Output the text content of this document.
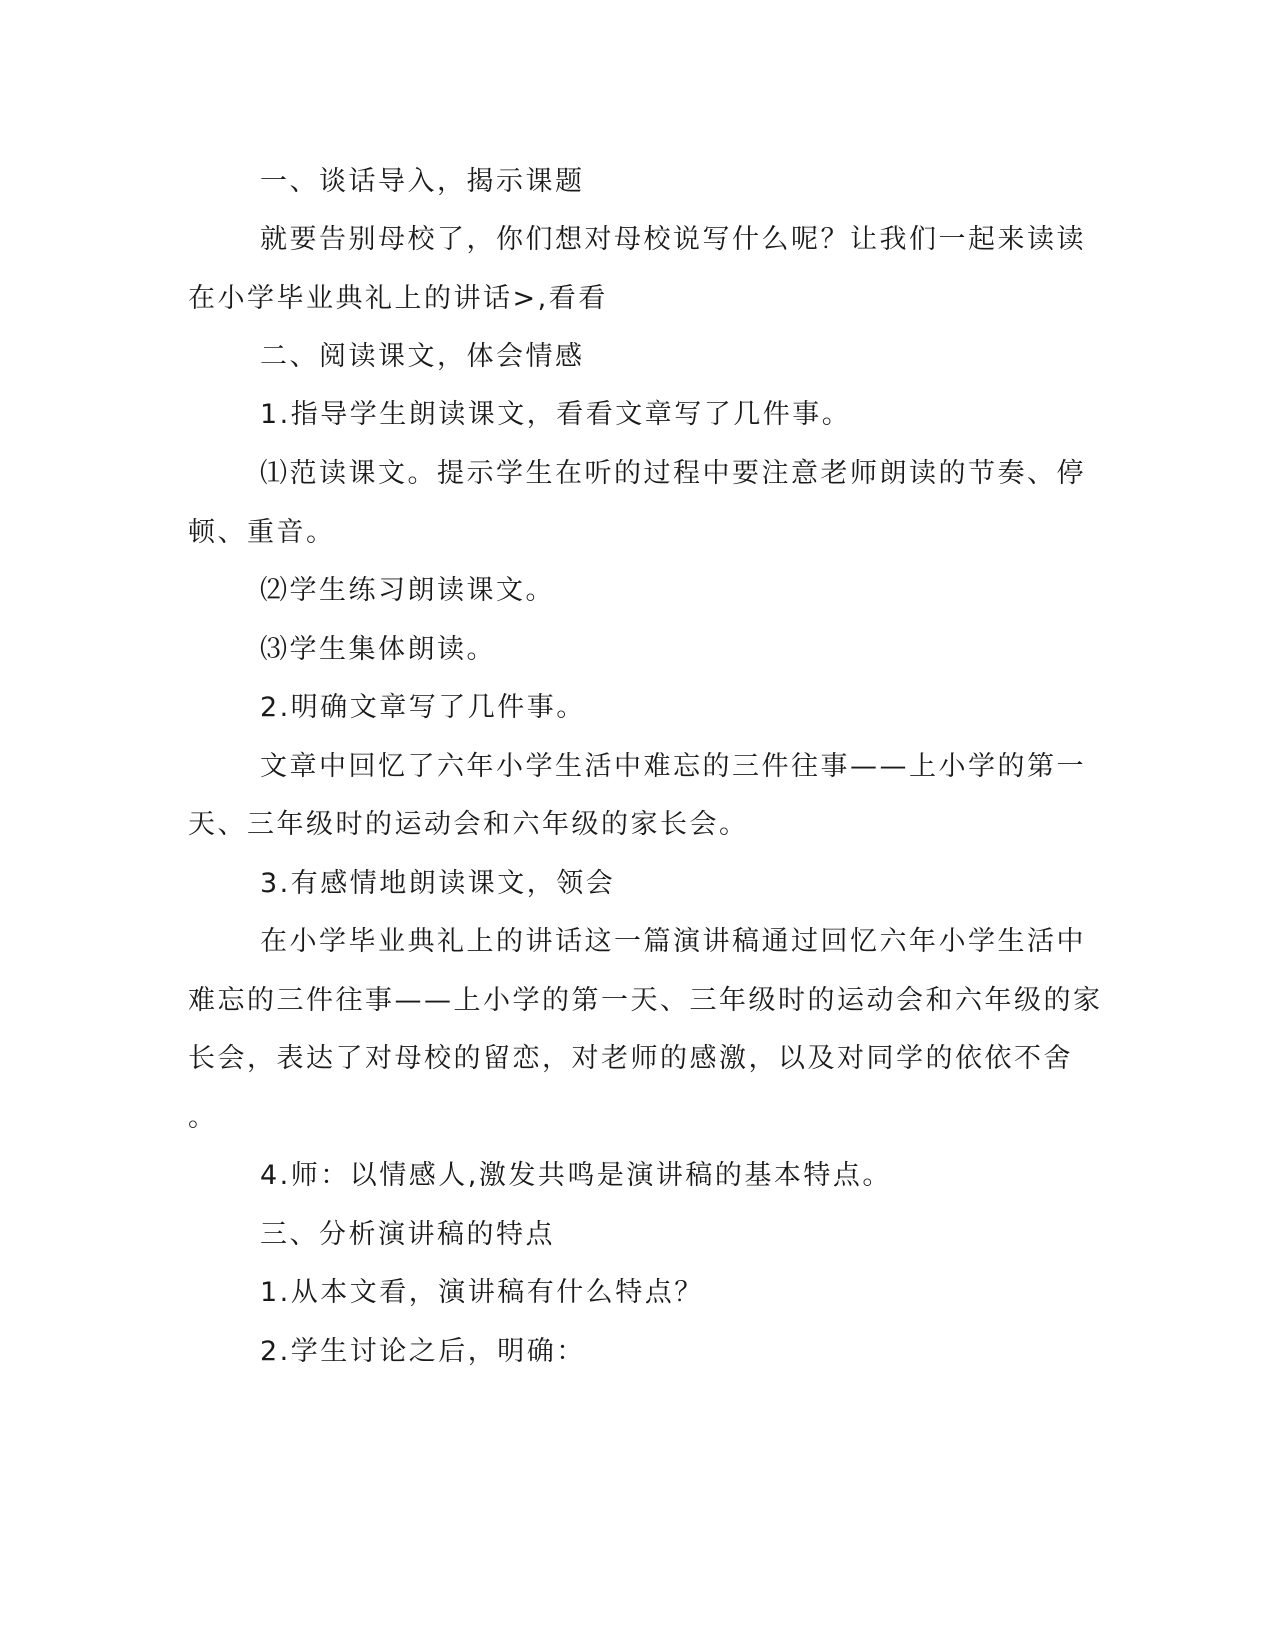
一、谈话导入，揭示课题
就要告别母校了，你们想对母校说写什么呢？让我们一起来读读
在小学毕业典礼上的讲话>,看看
二、阅读课文，体会情感
1.指导学生朗读课文，看看文章写了几件事。
⑴范读课文。提示学生在听的过程中要注意老师朗读的节奏、停
顿、重音。
⑵学生练习朗读课文。
⑶学生集体朗读。
2.明确文章写了几件事。
文章中回忆了六年小学生活中难忘的三件往事——上小学的第一
天、三年级时的运动会和六年级的家长会。
3.有感情地朗读课文，领会
在小学毕业典礼上的讲话这一篇演讲稿通过回忆六年小学生活中
难忘的三件往事——上小学的第一天、三年级时的运动会和六年级的家
长会，表达了对母校的留恋，对老师的感激，以及对同学的依依不舍
。
4.师：以情感人,激发共鸣是演讲稿的基本特点。
三、分析演讲稿的特点
1.从本文看，演讲稿有什么特点？
2.学生讨论之后，明确：
